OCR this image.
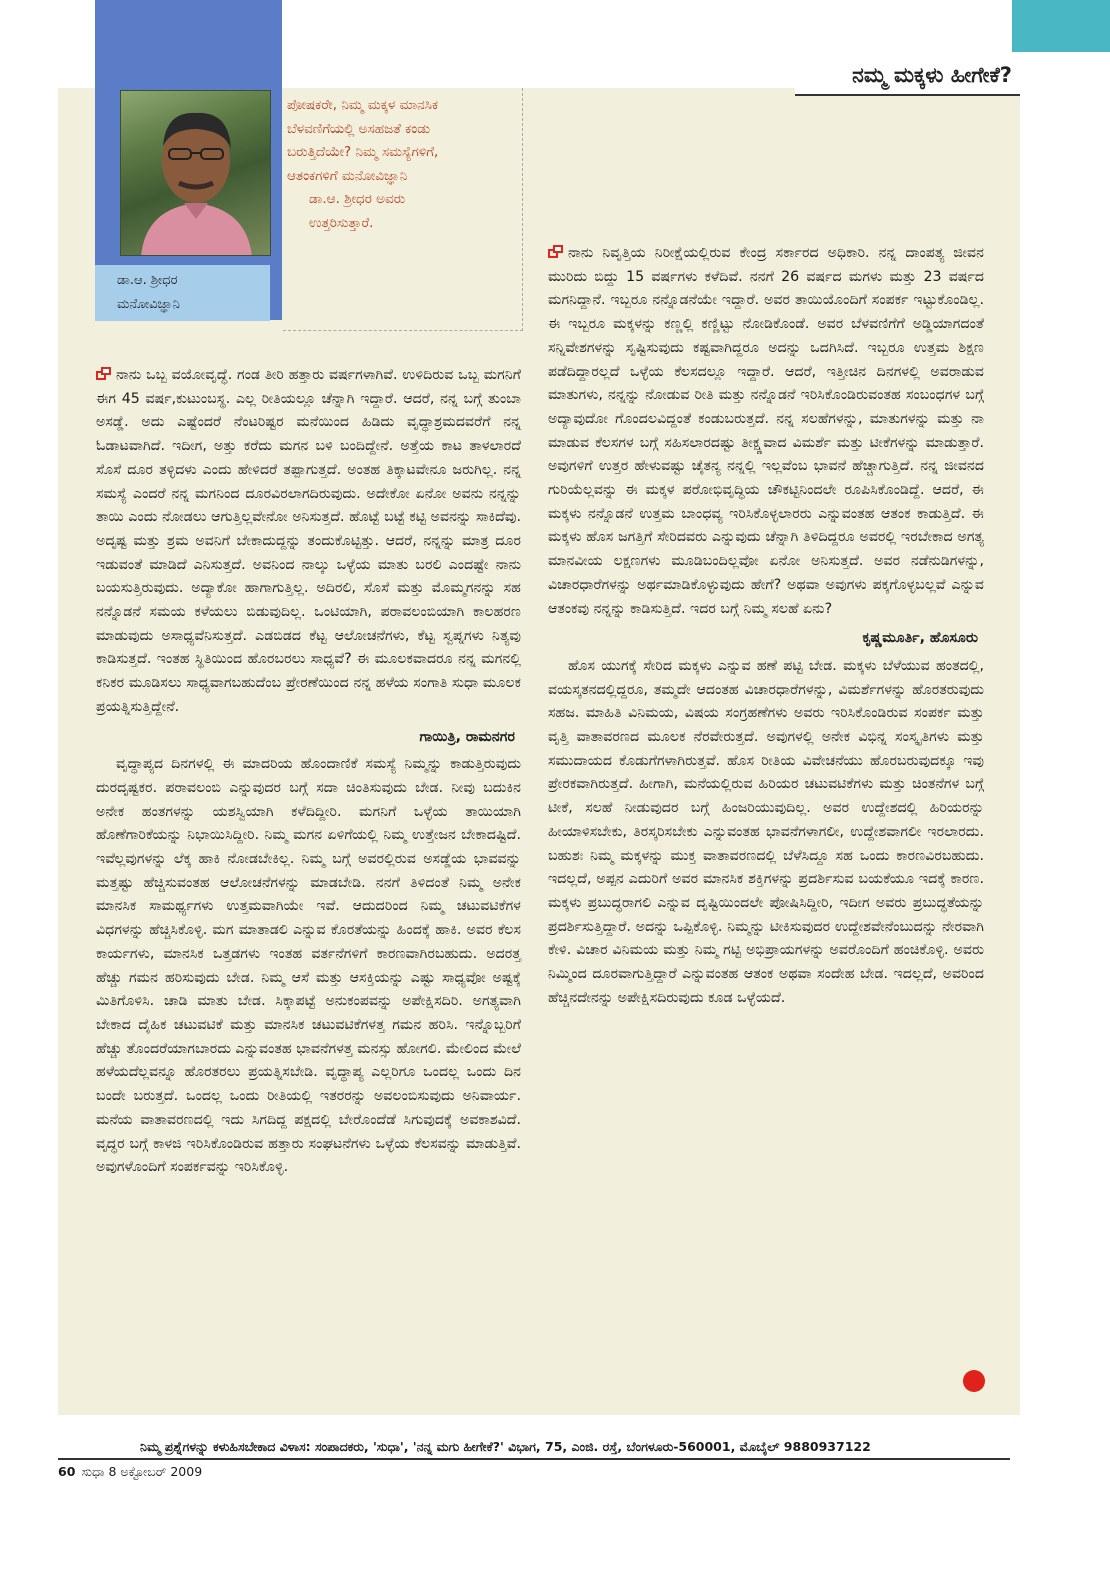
ನಮ್ಮ ಮಕ್ಕಳು ಹೀಗೇಕೆ?
ಡಾ.ಆ. ಶ್ರೀಧರ
ಮನೋವಿಜ್ಞಾನಿ

ಪೋಷಕರೇ, ನಿಮ್ಮ ಮಕ್ಕಳ ಮಾನಸಿಕ

ಬೆಳವಣಿಗೆಯಲ್ಲಿ ಅಸಹಜತೆ ಕಂಡು

ಬರುತ್ತಿದೆಯೇ? ನಿಮ್ಮ ಸಮಸ್ಯೆಗಳಿಗೆ,

ಆತಂಕಗಳಿಗೆ ಮನೋವಿಜ್ಞಾನಿ

ಡಾ.ಆ. ಶ್ರೀಧರ ಅವರು

ಉತ್ತರಿಸುತ್ತಾರೆ.

ನಾನು ಒಬ್ಬ ವಯೋವೃದ್ಧೆ. ಗಂಡ ತೀರಿ ಹತ್ತಾರು ವರ್ಷಗಳಾಗಿವೆ. ಉಳಿದಿರುವ ಒಬ್ಬ ಮಗನಿಗೆ ಈಗ 45 ವರ್ಷ,ಕುಟುಂಬಸ್ಥ. ಎಲ್ಲ ರೀತಿಯಲ್ಲೂ ಚೆನ್ನಾಗಿ ಇದ್ದಾರೆ. ಆದರೆ, ನನ್ನ ಬಗ್ಗೆ ತುಂಬಾ ಅಸಡ್ಡೆ. ಅದು ಎಷ್ಟೆಂದರೆ ನೆಂಟರಿಷ್ಟರ ಮನೆಯಿಂದ ಹಿಡಿದು ವೃದ್ಧಾಶ್ರಮದವರೆಗೆ ನನ್ನ ಓಡಾಟವಾಗಿದೆ. ಇದೀಗ, ಅತ್ತು ಕರೆದು ಮಗನ ಬಳಿ ಬಂದಿದ್ದೇನೆ. ಅತ್ತೆಯ ಕಾಟ ತಾಳಲಾರದೆ ಸೊಸೆ ದೂರ ತಳ್ಳಿದಳು ಎಂದು ಹೇಳಿದರೆ ತಪ್ಪಾಗುತ್ತದೆ. ಅಂತಹ ತಿಕ್ಕಾಟವೇನೂ ಜರುಗಿಲ್ಲ. ನನ್ನ ಸಮಸ್ಯೆ ಎಂದರೆ ನನ್ನ ಮಗನಿಂದ ದೂರವಿರಲಾಗದಿರುವುದು. ಅದೇಕೋ ಏನೋ ಅವನು ನನ್ನನ್ನು ತಾಯಿ ಎಂದು ನೋಡಲು ಆಗುತ್ತಿಲ್ಲವೇನೋ ಅನಿಸುತ್ತದೆ. ಹೊಟ್ಟೆ ಬಟ್ಟೆ ಕಟ್ಟಿ ಅವನನ್ನು ಸಾಕಿದೆವು. ಅದೃಷ್ಟ ಮತ್ತು ಶ್ರಮ ಅವನಿಗೆ ಬೇಕಾದುದ್ದನ್ನು ತಂದುಕೊಟ್ಟಿತ್ತು. ಆದರೆ, ನನ್ನನ್ನು ಮಾತ್ರ ದೂರ ಇಡುವಂತೆ ಮಾಡಿದೆ ಎನಿಸುತ್ತದೆ. ಅವನಿಂದ ನಾಲ್ಕು ಒಳ್ಳೆಯ ಮಾತು ಬರಲಿ ಎಂದಷ್ಟೇ ನಾನು ಬಯಸುತ್ತಿರುವುದು. ಅದ್ಯಾಕೋ ಹಾಗಾಗುತ್ತಿಲ್ಲ. ಅದಿರಲಿ, ಸೊಸೆ ಮತ್ತು ಮೊಮ್ಮಗನನ್ನು ಸಹ ನನ್ನೊಡನೆ ಸಮಯ ಕಳೆಯಲು ಬಿಡುವುದಿಲ್ಲ. ಒಂಟಿಯಾಗಿ, ಪರಾವಲಂಬಿಯಾಗಿ ಕಾಲಹರಣ ಮಾಡುವುದು ಅಸಾಧ್ಯವೆನಿಸುತ್ತದೆ. ಎಡಬಿಡದ ಕೆಟ್ಟ ಆಲೋಚನೆಗಳು, ಕೆಟ್ಟ ಸ್ವಪ್ನಗಳು ನಿತ್ಯವು ಕಾಡಿಸುತ್ತದೆ. ಇಂತಹ ಸ್ಥಿತಿಯಿಂದ ಹೊರಬರಲು ಸಾಧ್ಯವೆ? ಈ ಮೂಲಕವಾದರೂ ನನ್ನ ಮಗನಲ್ಲಿ ಕನಿಕರ ಮೂಡಿಸಲು ಸಾಧ್ಯವಾಗಬಹುದೆಂಬ ಪ್ರೇರಣೆಯಿಂದ ನನ್ನ ಹಳೆಯ ಸಂಗಾತಿ ಸುಧಾ ಮೂಲಕ ಪ್ರಯತ್ನಿಸುತ್ತಿದ್ದೇನೆ.

ಗಾಯಿತ್ರಿ, ರಾಮನಗರ

ವೃದ್ಧಾಪ್ಯದ ದಿನಗಳಲ್ಲಿ ಈ ಮಾದರಿಯ ಹೊಂದಾಣಿಕೆ ಸಮಸ್ಯೆ ನಿಮ್ಮನ್ನು ಕಾಡುತ್ತಿರುವುದು ದುರದೃಷ್ಟಕರ. ಪರಾವಲಂಬಿ ಎನ್ನುವುದರ ಬಗ್ಗೆ ಸದಾ ಚಿಂತಿಸುವುದು ಬೇಡ. ನೀವು ಬದುಕಿನ ಅನೇಕ ಹಂತಗಳನ್ನು ಯಶಸ್ವಿಯಾಗಿ ಕಳೆದಿದ್ದೀರಿ. ಮಗನಿಗೆ ಒಳ್ಳೆಯ ತಾಯಿಯಾಗಿ ಹೊಣೆಗಾರಿಕೆಯನ್ನು ನಿಭಾಯಿಸಿದ್ದೀರಿ. ನಿಮ್ಮ ಮಗನ ಏಳಿಗೆಯಲ್ಲಿ ನಿಮ್ಮ ಉತ್ತೇಜನ ಬೇಕಾದಷ್ಟಿದೆ. ಇವೆಲ್ಲವುಗಳನ್ನು ಲೆಕ್ಕ ಹಾಕಿ ನೋಡಬೇಕಿಲ್ಲ. ನಿಮ್ಮ ಬಗ್ಗೆ ಅವರಲ್ಲಿರುವ ಅಸಡ್ಡೆಯ ಭಾವವನ್ನು ಮತ್ತಷ್ಟು ಹೆಚ್ಚಿಸುವಂತಹ ಆಲೋಚನೆಗಳನ್ನು ಮಾಡಬೇಡಿ. ನನಗೆ ತಿಳಿದಂತೆ ನಿಮ್ಮ ಅನೇಕ ಮಾನಸಿಕ ಸಾಮರ್ಥ್ಯಗಳು ಉತ್ತಮವಾಗಿಯೇ ಇವೆ. ಆದುದರಿಂದ ನಿಮ್ಮ ಚಟುವಟಿಕೆಗಳ ವಿಧಗಳನ್ನು ಹೆಚ್ಚಿಸಿಕೊಳ್ಳಿ. ಮಗ ಮಾತಾಡಲಿ ಎನ್ನುವ ಕೊರತೆಯನ್ನು ಹಿಂದಕ್ಕೆ ಹಾಕಿ. ಅವರ ಕೆಲಸ ಕಾರ್ಯಗಳು, ಮಾನಸಿಕ ಒತ್ತಡಗಳು ಇಂತಹ ವರ್ತನೆಗಳಿಗೆ ಕಾರಣವಾಗಿರಬಹುದು. ಅದರತ್ತ ಹೆಚ್ಚು ಗಮನ ಹರಿಸುವುದು ಬೇಡ. ನಿಮ್ಮ ಆಸೆ ಮತ್ತು ಆಸಕ್ತಿಯನ್ನು ಎಷ್ಟು ಸಾಧ್ಯವೋ ಅಷ್ಟಕ್ಕೆ ಮಿತಿಗೊಳಿಸಿ. ಚಾಡಿ ಮಾತು ಬೇಡ. ಸಿಕ್ಕಾಪಟ್ಟೆ ಅನುಕಂಪವನ್ನು ಅಪೇಕ್ಷಿಸದಿರಿ. ಅಗತ್ಯವಾಗಿ ಬೇಕಾದ ದೈಹಿಕ ಚಟುವಟಿಕೆ ಮತ್ತು ಮಾನಸಿಕ ಚಟುವಟಿಕೆಗಳತ್ತ ಗಮನ ಹರಿಸಿ. ಇನ್ನೊಬ್ಬರಿಗೆ ಹೆಚ್ಚು ತೊಂದರೆಯಾಗಬಾರದು ಎನ್ನುವಂತಹ ಭಾವನೆಗಳತ್ತ ಮನಸ್ಸು ಹೋಗಲಿ. ಮೇಲಿಂದ ಮೇಲೆ ಹಳೆಯದೆಲ್ಲವನ್ನೂ ಹೊರತರಲು ಪ್ರಯತ್ನಿಸಬೇಡಿ. ವೃದ್ಧಾಪ್ಯ ಎಲ್ಲರಿಗೂ ಒಂದಲ್ಲ ಒಂದು ದಿನ ಬಂದೇ ಬರುತ್ತದೆ. ಒಂದಲ್ಲ ಒಂದು ರೀತಿಯಲ್ಲಿ ಇತರರನ್ನು ಅವಲಂಬಿಸುವುದು ಅನಿವಾರ್ಯ. ಮನೆಯ ವಾತಾವರಣದಲ್ಲಿ ಇದು ಸಿಗದಿದ್ದ ಪಕ್ಷದಲ್ಲಿ ಬೇರೊಂದೆಡೆ ಸಿಗುವುದಕ್ಕೆ ಅವಕಾಶವಿದೆ. ವೃದ್ಧರ ಬಗ್ಗೆ ಕಾಳಜಿ ಇರಿಸಿಕೊಂಡಿರುವ ಹತ್ತಾರು ಸಂಘಟನೆಗಳು ಒಳ್ಳೆಯ ಕೆಲಸವನ್ನು ಮಾಡುತ್ತಿವೆ. ಅವುಗಳೊಂದಿಗೆ ಸಂಪರ್ಕವನ್ನು ಇರಿಸಿಕೊಳ್ಳಿ.

ನಾನು ನಿವೃತ್ತಿಯ ನಿರೀಕ್ಷೆಯಲ್ಲಿರುವ ಕೇಂದ್ರ ಸರ್ಕಾರದ ಅಧಿಕಾರಿ. ನನ್ನ ದಾಂಪತ್ಯ ಜೀವನ ಮುರಿದು ಬಿದ್ದು 15 ವರ್ಷಗಳು ಕಳೆದಿವೆ. ನನಗೆ 26 ವರ್ಷದ ಮಗಳು ಮತ್ತು 23 ವರ್ಷದ ಮಗನಿದ್ದಾನೆ. ಇಬ್ಬರೂ ನನ್ನೊಡನೆಯೇ ಇದ್ದಾರೆ. ಅವರ ತಾಯಿಯೊಂದಿಗೆ ಸಂಪರ್ಕ ಇಟ್ಟುಕೊಂಡಿಲ್ಲ. ಈ ಇಬ್ಬರೂ ಮಕ್ಕಳನ್ನು ಕಣ್ಣಲ್ಲಿ ಕಣ್ಣಿಟ್ಟು ನೋಡಿಕೊಂಡೆ. ಅವರ ಬೆಳವಣಿಗೆಗೆ ಅಡ್ಡಿಯಾಗದಂತೆ ಸನ್ನಿವೇಶಗಳನ್ನು ಸೃಷ್ಟಿಸುವುದು ಕಷ್ಟವಾಗಿದ್ದರೂ ಅದನ್ನು ಒದಗಿಸಿದೆ. ಇಬ್ಬರೂ ಉತ್ತಮ ಶಿಕ್ಷಣ ಪಡೆದಿದ್ದಾರಲ್ಲದೆ ಒಳ್ಳೆಯ ಕೆಲಸದಲ್ಲೂ ಇದ್ದಾರೆ. ಆದರೆ, ಇತ್ತೀಚಿನ ದಿನಗಳಲ್ಲಿ ಅವರಾಡುವ ಮಾತುಗಳು, ನನ್ನನ್ನು ನೋಡುವ ರೀತಿ ಮತ್ತು ನನ್ನೊಡನೆ ಇರಿಸಿಕೊಂಡಿರುವಂತಹ ಸಂಬಂಧಗಳ ಬಗ್ಗೆ ಅದ್ಯಾವುದೋ ಗೊಂದಲವಿದ್ದಂತೆ ಕಂಡುಬರುತ್ತದೆ. ನನ್ನ ಸಲಹೆಗಳನ್ನು, ಮಾತುಗಳನ್ನು ಮತ್ತು ನಾ ಮಾಡುವ ಕೆಲಸಗಳ ಬಗ್ಗೆ ಸಹಿಸಲಾರದಷ್ಟು ತೀಕ್ಷ್ಣವಾದ ವಿಮರ್ಶೆ ಮತ್ತು ಟೀಕೆಗಳನ್ನು ಮಾಡುತ್ತಾರೆ. ಅವುಗಳಿಗೆ ಉತ್ತರ ಹೇಳುವಷ್ಟು ಚೈತನ್ಯ ನನ್ನಲ್ಲಿ ಇಲ್ಲವೆಂಬ ಭಾವನೆ ಹೆಚ್ಚಾಗುತ್ತಿದೆ. ನನ್ನ ಜೀವನದ ಗುರಿಯೆಲ್ಲವನ್ನು ಈ ಮಕ್ಕಳ ಪರೋಭಿವೃದ್ಧಿಯ ಚೌಕಟ್ಟಿನಿಂದಲೇ ರೂಪಿಸಿಕೊಂಡಿದ್ದೆ. ಆದರೆ, ಈ ಮಕ್ಕಳು ನನ್ನೊಡನೆ ಉತ್ತಮ ಬಾಂಧವ್ಯ ಇರಿಸಿಕೊಳ್ಳಲಾರರು ಎನ್ನುವಂತಹ ಆತಂಕ ಕಾಡುತ್ತಿದೆ. ಈ ಮಕ್ಕಳು ಹೊಸ ಜಗತ್ತಿಗೆ ಸೇರಿದವರು ಎನ್ನುವುದು ಚೆನ್ನಾಗಿ ತಿಳಿದಿದ್ದರೂ ಅವರಲ್ಲಿ ಇರಬೇಕಾದ ಅಗತ್ಯ ಮಾನವೀಯ ಲಕ್ಷಣಗಳು ಮೂಡಿಬಂದಿಲ್ಲವೋ ಏನೋ ಅನಿಸುತ್ತದೆ. ಅವರ ನಡೆನುಡಿಗಳನ್ನು, ವಿಚಾರಧಾರೆಗಳನ್ನು ಅರ್ಥಮಾಡಿಕೊಳ್ಳುವುದು ಹೇಗೆ? ಅಥವಾ ಅವುಗಳು ಪಕ್ಕಗೊಳ್ಳಬಲ್ಲವೆ ಎನ್ನುವ ಆತಂಕವು ನನ್ನನ್ನು ಕಾಡಿಸುತ್ತಿದೆ. ಇದರ ಬಗ್ಗೆ ನಿಮ್ಮ ಸಲಹೆ ಏನು?

ಕೃಷ್ಣಮೂರ್ತಿ, ಹೊಸೂರು

ಹೊಸ ಯುಗಕ್ಕೆ ಸೇರಿದ ಮಕ್ಕಳು ಎನ್ನುವ ಹಣೆ ಪಟ್ಟಿ ಬೇಡ. ಮಕ್ಕಳು ಬೆಳೆಯುವ ಹಂತದಲ್ಲಿ, ವಯಸ್ಕತನದಲ್ಲಿದ್ದರೂ, ತಮ್ಮದೇ ಆದಂತಹ ವಿಚಾರಧಾರೆಗಳನ್ನು, ವಿಮರ್ಶೆಗಳನ್ನು ಹೊರತರುವುದು ಸಹಜ. ಮಾಹಿತಿ ವಿನಿಮಯ, ವಿಷಯ ಸಂಗ್ರಹಣೆಗಳು ಅವರು ಇರಿಸಿಕೊಂಡಿರುವ ಸಂಪರ್ಕ ಮತ್ತು ವೃತ್ತಿ ವಾತಾವರಣದ ಮೂಲಕ ನೆರವೇರುತ್ತದೆ. ಅವುಗಳಲ್ಲಿ ಅನೇಕ ವಿಭಿನ್ನ ಸಂಸ್ಕೃತಿಗಳು ಮತ್ತು ಸಮುದಾಯದ ಕೊಡುಗೆಗಳಾಗಿರುತ್ತವೆ. ಹೊಸ ರೀತಿಯ ವಿವೇಚನೆಯು ಹೊರಬರುವುದಕ್ಕೂ ಇವು ಪ್ರೇರಕವಾಗಿರುತ್ತದೆ. ಹೀಗಾಗಿ, ಮನೆಯಲ್ಲಿರುವ ಹಿರಿಯರ ಚಟುವಟಿಕೆಗಳು ಮತ್ತು ಚಿಂತನೆಗಳ ಬಗ್ಗೆ ಟೀಕೆ, ಸಲಹೆ ನೀಡುವುದರ ಬಗ್ಗೆ ಹಿಂಜರಿಯುವುದಿಲ್ಲ. ಅವರ ಉದ್ದೇಶದಲ್ಲಿ ಹಿರಿಯರನ್ನು ಹೀಯಾಳಿಸಬೇಕು, ತಿರಸ್ಕರಿಸಬೇಕು ಎನ್ನುವಂತಹ ಭಾವನೆಗಳಾಗಲೀ, ಉದ್ದೇಶವಾಗಲೀ ಇರಲಾರದು. ಬಹುಶಃ ನಿಮ್ಮ ಮಕ್ಕಳನ್ನು ಮುಕ್ತ ವಾತಾವರಣದಲ್ಲಿ ಬೆಳೆಸಿದ್ದೂ ಸಹ ಒಂದು ಕಾರಣವಿರಬಹುದು. ಇದಲ್ಲದೆ, ಅಪ್ಪನ ಎದುರಿಗೆ ಅವರ ಮಾನಸಿಕ ಶಕ್ತಿಗಳನ್ನು ಪ್ರದರ್ಶಿಸುವ ಬಯಕೆಯೂ ಇದಕ್ಕೆ ಕಾರಣ. ಮಕ್ಕಳು ಪ್ರಬುದ್ಧರಾಗಲಿ ಎನ್ನುವ ದೃಷ್ಟಿಯಿಂದಲೇ ಪೋಷಿಸಿದ್ದೀರಿ, ಇದೀಗ ಅವರು ಪ್ರಬುದ್ಧತೆಯನ್ನು ಪ್ರದರ್ಶಿಸುತ್ತಿದ್ದಾರೆ. ಅದನ್ನು ಒಪ್ಪಿಕೊಳ್ಳಿ. ನಿಮ್ಮನ್ನು ಟೀಕಿಸುವುದರ ಉದ್ದೇಶವೇನೆಂಬುದನ್ನು ನೇರವಾಗಿ ಕೇಳಿ. ವಿಚಾರ ವಿನಿಮಯ ಮತ್ತು ನಿಮ್ಮ ಗಟ್ಟಿ ಅಭಿಪ್ರಾಯಗಳನ್ನು ಅವರೊಂದಿಗೆ ಹಂಚಿಕೊಳ್ಳಿ. ಅವರು ನಿಮ್ಮಿಂದ ದೂರವಾಗುತ್ತಿದ್ದಾರೆ ಎನ್ನುವಂತಹ ಆತಂಕ ಅಥವಾ ಸಂದೇಹ ಬೇಡ. ಇದಲ್ಲದೆ, ಅವರಿಂದ ಹೆಚ್ಚಿನದೇನನ್ನು ಅಪೇಕ್ಷಿಸದಿರುವುದು ಕೂಡ ಒಳ್ಳೆಯದೆ.

ನಿಮ್ಮ ಪ್ರಶ್ನೆಗಳನ್ನು ಕಳುಹಿಸಬೇಕಾದ ವಿಳಾಸ: ಸಂಪಾದಕರು, 'ಸುಧಾ', 'ನನ್ನ ಮಗು ಹೀಗೇಕೆ?' ವಿಭಾಗ, 75, ಎಂಜಿ. ರಸ್ತೆ, ಬೆಂಗಳೂರು-560001, ಮೊಬೈಲ್ 9880937122
60 ಸುಧಾ 8 ಅಕ್ಟೋಬರ್ 2009
